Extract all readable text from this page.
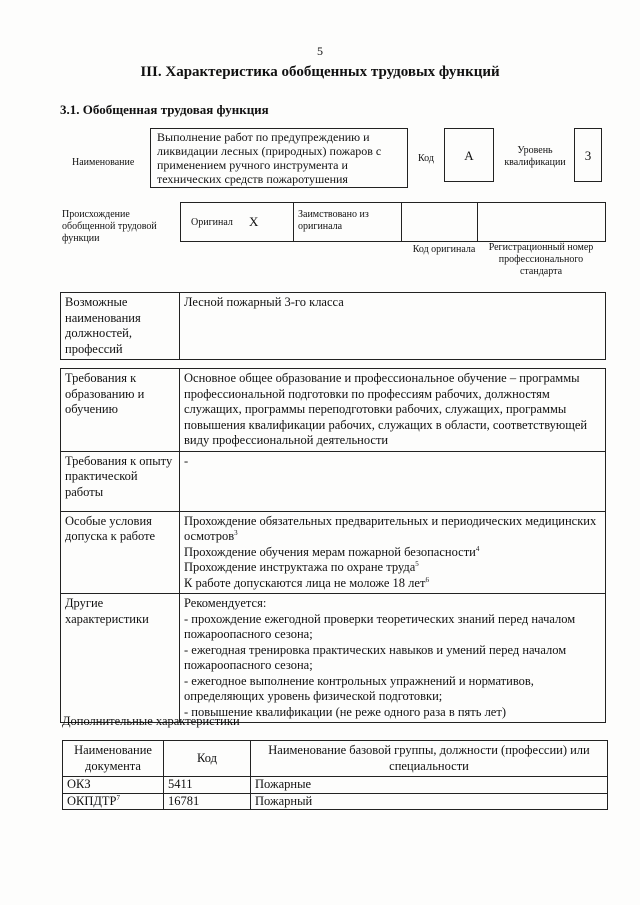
5
III. Характеристика обобщенных трудовых функций
3.1. Обобщенная трудовая функция
Наименование
Выполнение работ по предупреждению и ликвидации лесных (природных) пожаров с применением ручного инструмента и технических средств пожаротушения
Код	А	Уровень квалификации	3
Происхождение обобщенной трудовой функции
Оригинал X	Заимствовано из оригинала
Код оригинала	Регистрационный номер профессионального стандарта
Возможные наименования должностей, профессий	Лесной пожарный 3-го класса
Требования к образованию и обучению	Основное общее образование и профессиональное обучение – программы профессиональной подготовки по профессиям рабочих, должностям служащих, программы переподготовки рабочих, служащих, программы повышения квалификации рабочих, служащих в области, соответствующей виду профессиональной деятельности
Требования к опыту практической работы	-
Особые условия допуска к работе	Прохождение обязательных предварительных и периодических медицинских осмотров$^3$
Прохождение обучения мерам пожарной безопасности$^4$
Прохождение инструктажа по охране труда$^5$
К работе допускаются лица не моложе 18 лет$^6$

Другие характеристики	Рекомендуется:
- прохождение ежегодной проверки теоретических знаний перед началом пожароопасного сезона;
- ежегодная тренировка практических навыков и умений перед началом пожароопасного сезона;
- ежегодное выполнение контрольных упражнений и нормативов, определяющих уровень физической подготовки;
- повышение квалификации (не реже одного раза в пять лет)
Дополнительные характеристики
Наименование документа	Код	Наименование базовой группы, должности (профессии) или специальности
ОКЗ	5411	Пожарные
ОКПДТР$^7$	16781	Пожарный
